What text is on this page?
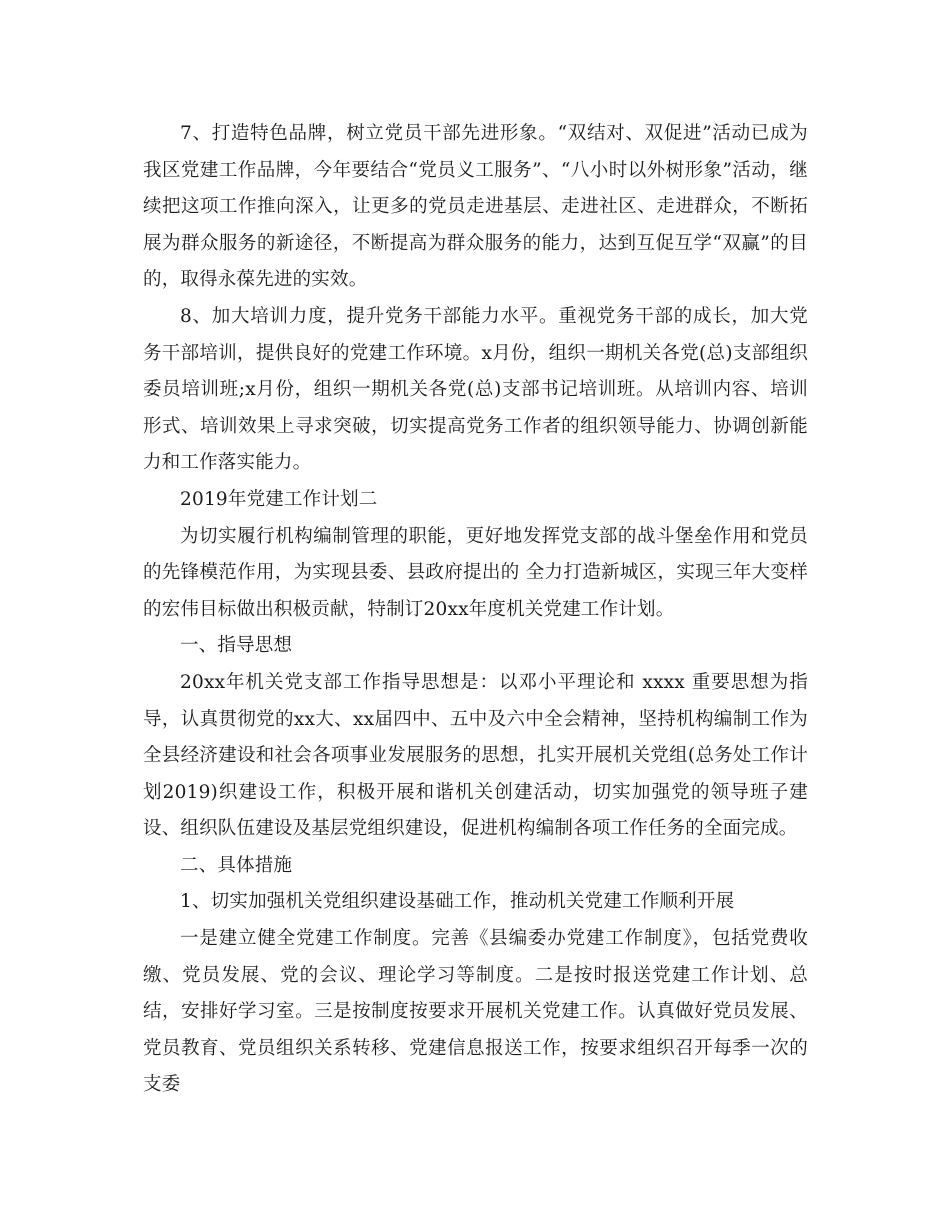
7、打造特色品牌，树立党员干部先进形象。“双结对、双促进”活动已成为我区党建工作品牌，今年要结合“党员义工服务”、“八小时以外树形象”活动，继续把这项工作推向深入，让更多的党员走进基层、走进社区、走进群众，不断拓展为群众服务的新途径，不断提高为群众服务的能力，达到互促互学“双赢”的目的，取得永葆先进的实效。

8、加大培训力度，提升党务干部能力水平。重视党务干部的成长，加大党务干部培训，提供良好的党建工作环境。x月份，组织一期机关各党(总)支部组织委员培训班;x月份，组织一期机关各党(总)支部书记培训班。从培训内容、培训形式、培训效果上寻求突破，切实提高党务工作者的组织领导能力、协调创新能力和工作落实能力。

2019年党建工作计划二

为切实履行机构编制管理的职能，更好地发挥党支部的战斗堡垒作用和党员的先锋模范作用，为实现县委、县政府提出的 全力打造新城区，实现三年大变样的宏伟目标做出积极贡献，特制订20xx年度机关党建工作计划。

一、指导思想

20xx年机关党支部工作指导思想是：以邓小平理论和 xxxx 重要思想为指导，认真贯彻党的xx大、xx届四中、五中及六中全会精神，坚持机构编制工作为全县经济建设和社会各项事业发展服务的思想，扎实开展机关党组(总务处工作计划2019)织建设工作，积极开展和谐机关创建活动，切实加强党的领导班子建设、组织队伍建设及基层党组织建设，促进机构编制各项工作任务的全面完成。

二、具体措施

1、切实加强机关党组织建设基础工作，推动机关党建工作顺利开展

一是建立健全党建工作制度。完善《县编委办党建工作制度》，包括党费收缴、党员发展、党的会议、理论学习等制度。二是按时报送党建工作计划、总结，安排好学习室。三是按制度按要求开展机关党建工作。认真做好党员发展、党员教育、党员组织关系转移、党建信息报送工作，按要求组织召开每季一次的支委
